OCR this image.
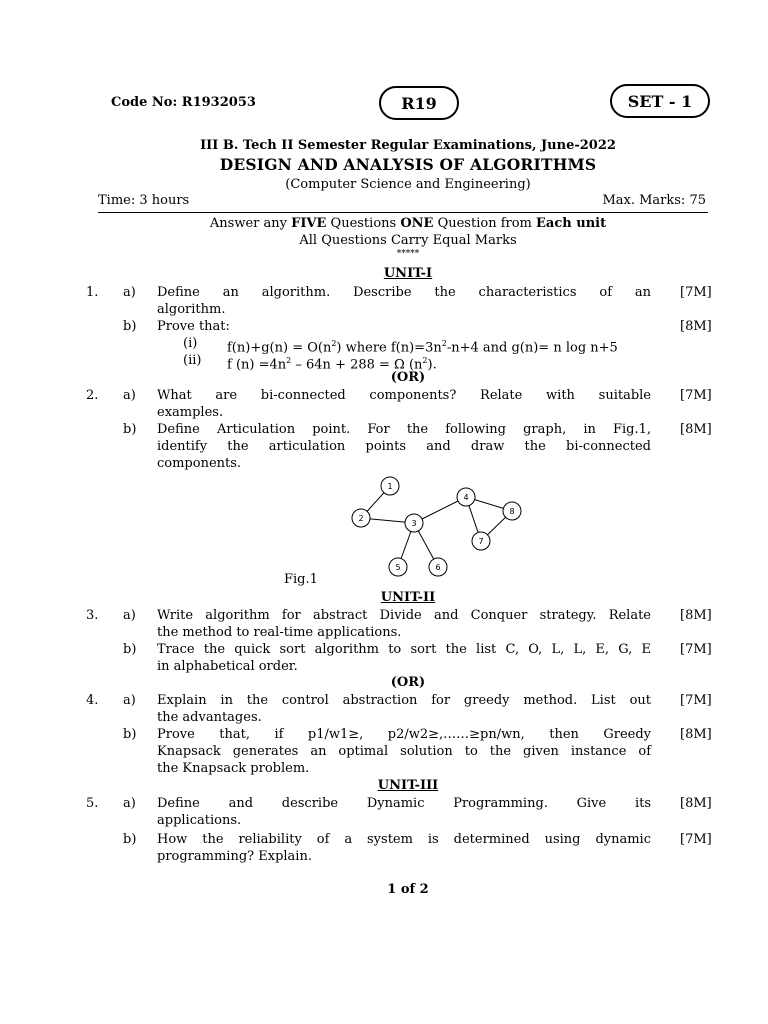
Code No: R1932053	R19	SET - 1
III B. Tech II Semester Regular Examinations, June-2022
DESIGN AND ANALYSIS OF ALGORITHMS
(Computer Science and Engineering)
Time: 3 hours	Max. Marks: 75
Answer any FIVE Questions ONE Question from Each unit
All Questions Carry Equal Marks
*****
UNIT-I
1. a) Define an algorithm. Describe the characteristics of an [7M]
algorithm.
b) Prove that:	[8M]
(i) $f(n)+g(n) = O(n^2)$ where $f(n)=3n^2-n+4$ and g(n)= n log n+5
(ii) f $(n) =4n^2 - 64n + 288 = \Omega$ $(n^2)$.
(OR)
2. a) What are bi-connected components? Relate with suitable [7M]
examples.
b) Define Articulation point. For the following graph, in Fig.1, [8M]
identify the articulation points and draw the bi-connected
components.
1
2
3
4
5	6
7
8
Fig.1
UNIT-II
3. a) Write algorithm for abstract Divide and Conquer strategy. Relate [8M]
the method to real-time applications.
b) Trace the quick sort algorithm to sort the list C, O, L, L, E, G, E [7M]
in alphabetical order.
(OR)
4. a) Explain in the control abstraction for greedy method. List out [7M]
the advantages.
b) Prove that, if p1/w1≥, p2/w2≥,……≥pn/wn, then Greedy [8M]
Knapsack generates an optimal solution to the given instance of
the Knapsack problem.
UNIT-III
5. a) Define and describe Dynamic Programming. Give its [8M]
applications.
b) How the reliability of a system is determined using dynamic [7M]
programming? Explain.
1 of 2
